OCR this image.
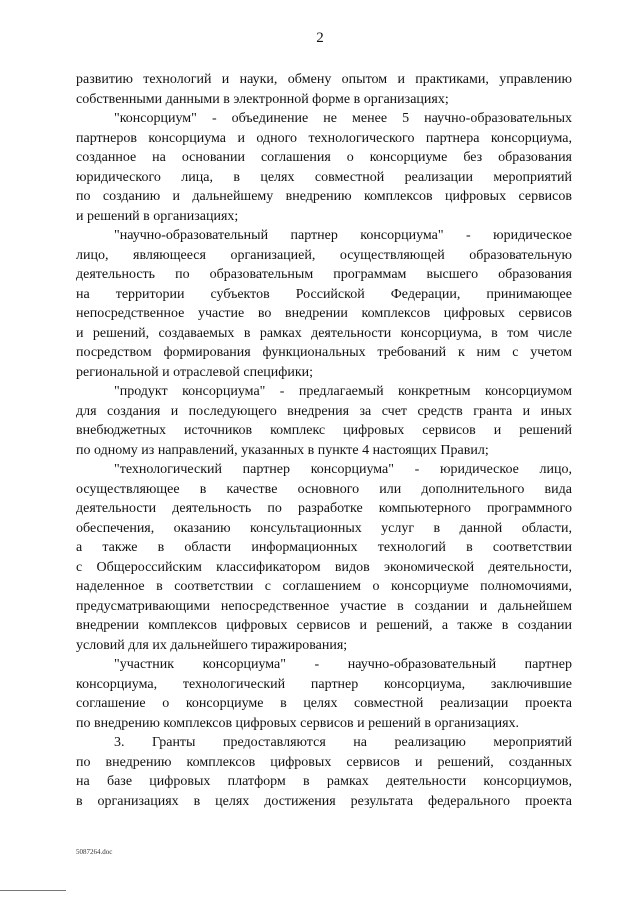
2
развитию технологий и науки, обмену опытом и практиками, управлению
собственными данными в электронной форме в организациях;
"консорциум" - объединение не менее 5 научно-образовательных
партнеров консорциума и одного технологического партнера консорциума,
созданное на основании соглашения о консорциуме без образования
юридического лица, в целях совместной реализации мероприятий
по созданию и дальнейшему внедрению комплексов цифровых сервисов
и решений в организациях;
"научно-образовательный партнер консорциума" - юридическое
лицо, являющееся организацией, осуществляющей образовательную
деятельность по образовательным программам высшего образования
на территории субъектов Российской Федерации, принимающее
непосредственное участие во внедрении комплексов цифровых сервисов
и решений, создаваемых в рамках деятельности консорциума, в том числе
посредством формирования функциональных требований к ним с учетом
региональной и отраслевой специфики;
"продукт консорциума" - предлагаемый конкретным консорциумом
для создания и последующего внедрения за счет средств гранта и иных
внебюджетных источников комплекс цифровых сервисов и решений
по одному из направлений, указанных в пункте 4 настоящих Правил;
"технологический партнер консорциума" - юридическое лицо,
осуществляющее в качестве основного или дополнительного вида
деятельности деятельность по разработке компьютерного программного
обеспечения, оказанию консультационных услуг в данной области,
а также в области информационных технологий в соответствии
с Общероссийским классификатором видов экономической деятельности,
наделенное в соответствии с соглашением о консорциуме полномочиями,
предусматривающими непосредственное участие в создании и дальнейшем
внедрении комплексов цифровых сервисов и решений, а также в создании
условий для их дальнейшего тиражирования;
"участник консорциума" - научно-образовательный партнер
консорциума, технологический партнер консорциума, заключившие
соглашение о консорциуме в целях совместной реализации проекта
по внедрению комплексов цифровых сервисов и решений в организациях.
3. Гранты предоставляются на реализацию мероприятий
по внедрению комплексов цифровых сервисов и решений, созданных
на базе цифровых платформ в рамках деятельности консорциумов,
в организациях в целях достижения результата федерального проекта
5087264.doc
